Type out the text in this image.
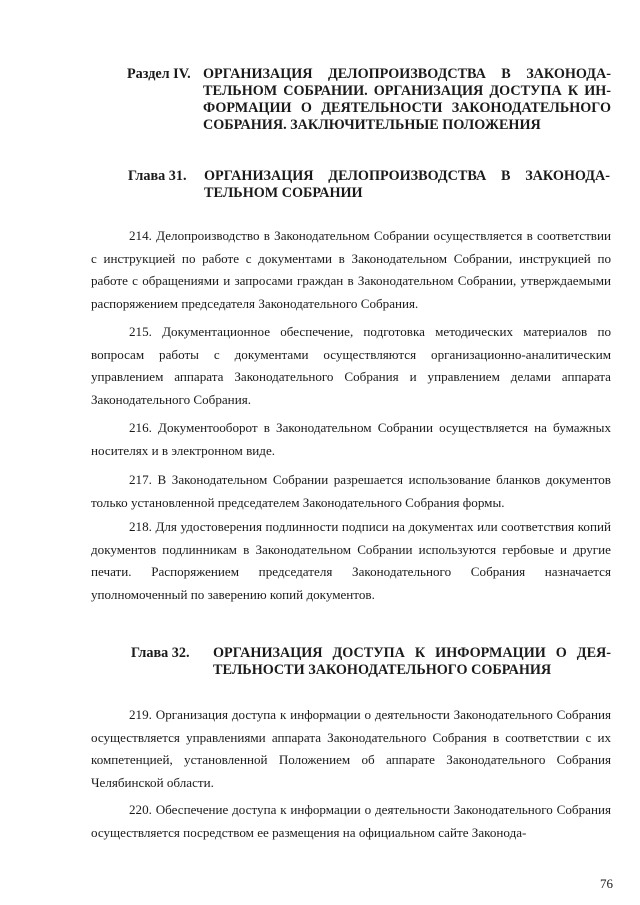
Раздел IV. ОРГАНИЗАЦИЯ ДЕЛОПРОИЗВОДСТВА В ЗАКОНОДА-ТЕЛЬНОМ СОБРАНИИ. ОРГАНИЗАЦИЯ ДОСТУПА К ИН-ФОРМАЦИИ О ДЕЯТЕЛЬНОСТИ ЗАКОНОДАТЕЛЬНОГО СОБРАНИЯ. ЗАКЛЮЧИТЕЛЬНЫЕ ПОЛОЖЕНИЯ
Глава 31. ОРГАНИЗАЦИЯ ДЕЛОПРОИЗВОДСТВА В ЗАКОНОДА-ТЕЛЬНОМ СОБРАНИИ

214. Делопроизводство в Законодательном Собрании осуществляется в соответствии с инструкцией по работе с документами в Законодательном Собрании, инструкцией по работе с обращениями и запросами граждан в Законодательном Собрании, утверждаемыми распоряжением председателя Законодательного Собрания.

215. Документационное обеспечение, подготовка методических материалов по вопросам работы с документами осуществляются организационно-аналитическим управлением аппарата Законодательного Собрания и управлением делами аппарата Законодательного Собрания.

216. Документооборот в Законодательном Собрании осуществляется на бумажных носителях и в электронном виде.

217. В Законодательном Собрании разрешается использование бланков документов только установленной председателем Законодательного Собрания формы.

218. Для удостоверения подлинности подписи на документах или соответствия копий документов подлинникам в Законодательном Собрании используются гербовые и другие печати. Распоряжением председателя Законодательного Собрания назначается уполномоченный по заверению копий документов.

Глава 32. ОРГАНИЗАЦИЯ ДОСТУПА К ИНФОРМАЦИИ О ДЕЯ-ТЕЛЬНОСТИ ЗАКОНОДАТЕЛЬНОГО СОБРАНИЯ

219. Организация доступа к информации о деятельности Законодательного Собрания осуществляется управлениями аппарата Законодательного Собрания в соответствии с их компетенцией, установленной Положением об аппарате Законодательного Собрания Челябинской области.

220. Обеспечение доступа к информации о деятельности Законодательного Собрания осуществляется посредством ее размещения на официальном сайте Законода-

76
